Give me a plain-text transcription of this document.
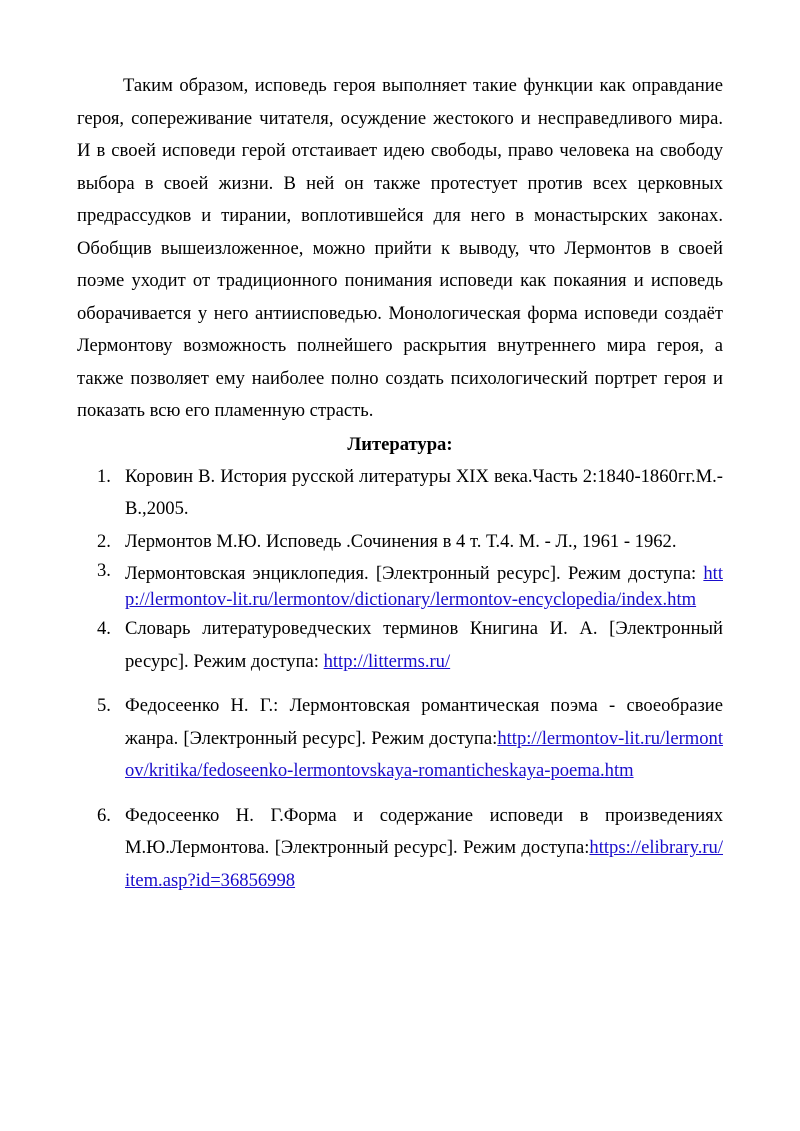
Таким образом, исповедь героя выполняет такие функции как оправдание героя, сопереживание читателя, осуждение жестокого и несправедливого мира. И в своей исповеди герой отстаивает идею свободы, право человека на свободу выбора в своей жизни. В ней он также протестует против всех церковных предрассудков и тирании, воплотившейся для него в монастырских законах. Обобщив вышеизложенное, можно прийти к выводу, что Лермонтов в своей поэме уходит от традиционного понимания исповеди как покаяния и исповедь оборачивается у него антиисповедью. Монологическая форма исповеди создаёт Лермонтову возможность полнейшего раскрытия внутреннего мира героя, а также позволяет ему наиболее полно создать психологический портрет героя и показать всю его пламенную страсть.

Литература:
1. Коровин В. История русской литературы XIX века.Часть 2:1840-1860гг.М.-В.,2005.
2. Лермонтов М.Ю. Исповедь .Сочинения в 4 т. Т.4. М. - Л., 1961 - 1962.
3. Лермонтовская энциклопедия. [Электронный ресурс]. Режим доступа: http://lermontov-lit.ru/lermontov/dictionary/lermontov-encyclopedia/index.htm
4. Словарь литературоведческих терминов Книгина И. А. [Электронный ресурс]. Режим доступа: http://litterms.ru/
5. Федосеенко Н. Г.: Лермонтовская романтическая поэма - своеобразие жанра. [Электронный ресурс]. Режим доступа:http://lermontov-lit.ru/lermontov/kritika/fedoseenko-lermontovskaya-romanticheskaya-poema.htm
6. Федосеенко Н. Г.Форма и содержание исповеди в произведениях М.Ю.Лермонтова. [Электронный ресурс]. Режим доступа:https://elibrary.ru/item.asp?id=36856998
